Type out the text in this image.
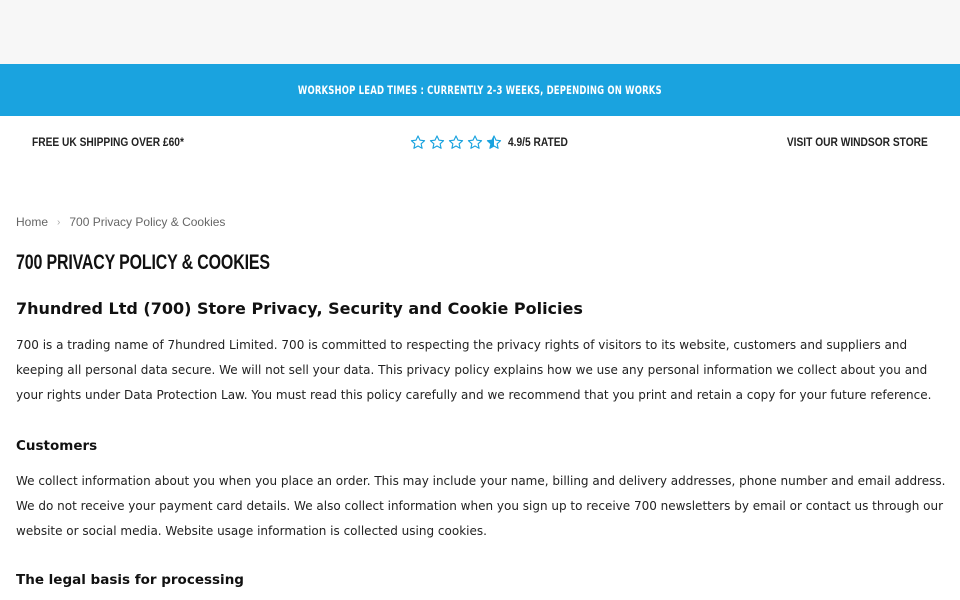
WORKSHOP LEAD TIMES : CURRENTLY 2-3 WEEKS, DEPENDING ON WORKS
FREE UK SHIPPING OVER £60*	4.9/5 RATED	VISIT OUR WINDSOR STORE
Home › 700 Privacy Policy & Cookies
700 PRIVACY POLICY & COOKIES
7hundred Ltd (700) Store Privacy, Security and Cookie Policies

700 is a trading name of 7hundred Limited. 700 is committed to respecting the privacy rights of visitors to its website, customers and suppliers and keeping all personal data secure. We will not sell your data. This privacy policy explains how we use any personal information we collect about you and your rights under Data Protection Law. You must read this policy carefully and we recommend that you print and retain a copy for your future reference.

Customers

We collect information about you when you place an order. This may include your name, billing and delivery addresses, phone number and email address. We do not receive your payment card details. We also collect information when you sign up to receive 700 newsletters by email or contact us through our website or social media. Website usage information is collected using cookies.

The legal basis for processing
